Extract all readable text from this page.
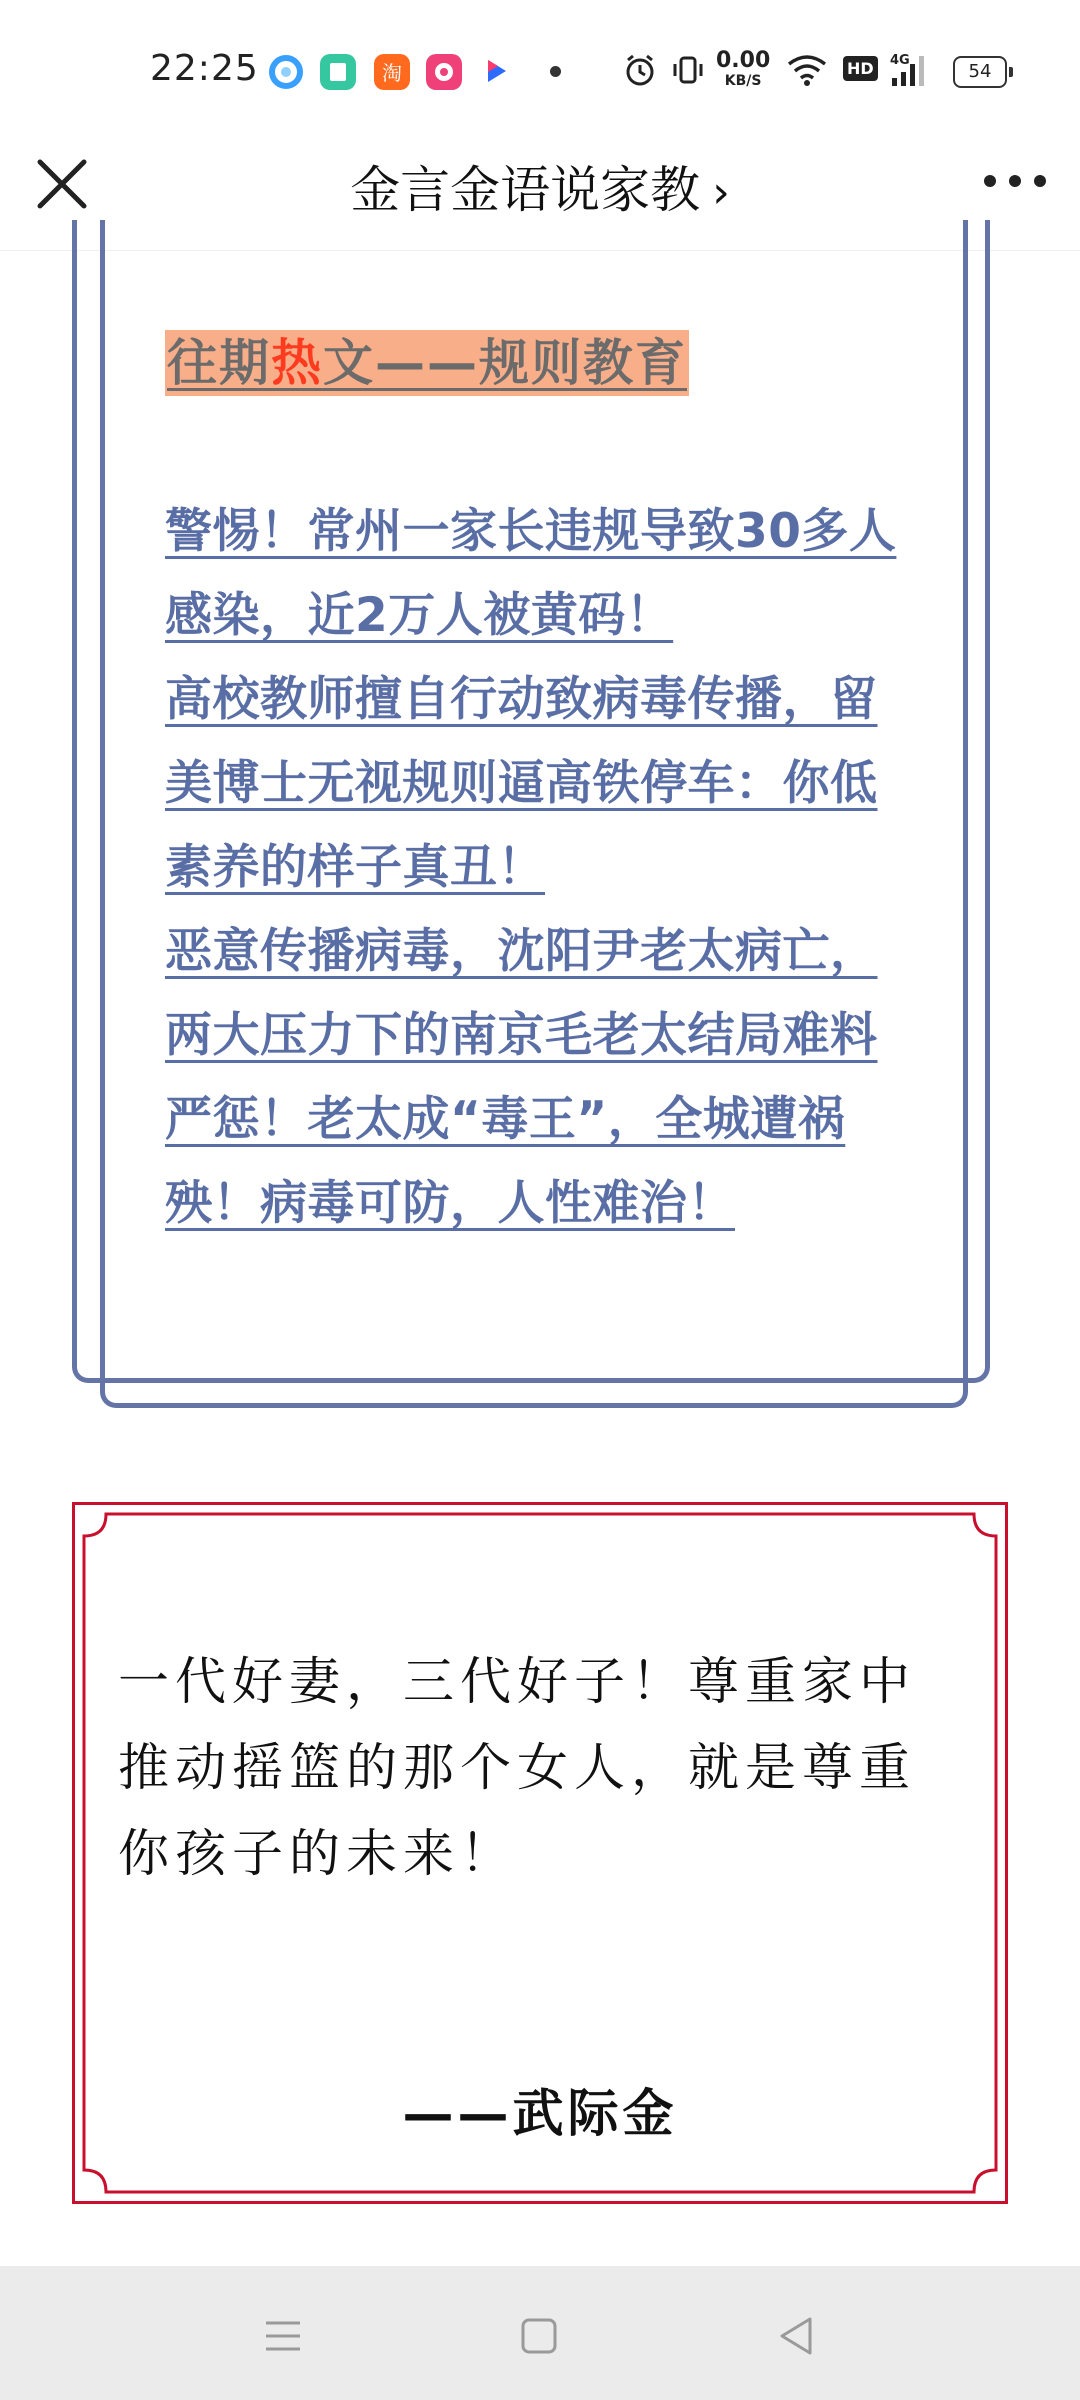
22:25	淘	0.00
KB/S
HD	4G
54
金言金语说家教 ›
往期热文——规则教育
警惕！常州一家长违规导致30多人感染，近2万人被黄码！
高校教师擅自行动致病毒传播，留美博士无视规则逼高铁停车：你低素养的样子真丑！
恶意传播病毒，沈阳尹老太病亡，两大压力下的南京毛老太结局难料
严惩！老太成“毒王”，全城遭祸殃！病毒可防，人性难治！
一代好妻，三代好子！尊重家中推动摇篮的那个女人，就是尊重你孩子的未来！
——武际金
